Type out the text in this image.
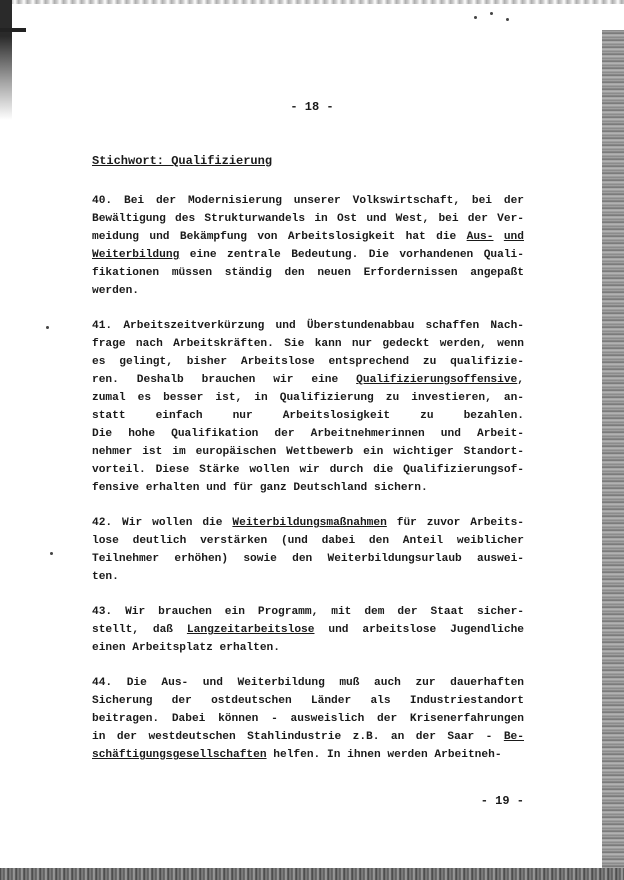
- 18 -
Stichwort: Qualifizierung
40. Bei der Modernisierung unserer Volkswirtschaft, bei der
Bewältigung des Strukturwandels in Ost und West, bei der Ver-
meidung und Bekämpfung von Arbeitslosigkeit hat die Aus- und
Weiterbildung eine zentrale Bedeutung. Die vorhandenen Quali-
fikationen müssen ständig den neuen Erfordernissen angepaßt
werden.
41. Arbeitszeitverkürzung und Überstundenabbau schaffen Nach-
frage nach Arbeitskräften. Sie kann nur gedeckt werden, wenn
es gelingt, bisher Arbeitslose entsprechend zu qualifizie-
ren. Deshalb brauchen wir eine Qualifizierungsoffensive,
zumal es besser ist, in Qualifizierung zu investieren, an-
statt einfach nur Arbeitslosigkeit zu bezahlen.
Die hohe Qualifikation der Arbeitnehmerinnen und Arbeit-
nehmer ist im europäischen Wettbewerb ein wichtiger Standort-
vorteil. Diese Stärke wollen wir durch die Qualifizierungsof-
fensive erhalten und für ganz Deutschland sichern.
42. Wir wollen die Weiterbildungsmaßnahmen für zuvor Arbeits-
lose deutlich verstärken (und dabei den Anteil weiblicher
Teilnehmer erhöhen) sowie den Weiterbildungsurlaub auswei-
ten.
43. Wir brauchen ein Programm, mit dem der Staat sicher-
stellt, daß Langzeitarbeitslose und arbeitslose Jugendliche
einen Arbeitsplatz erhalten.
44. Die Aus- und Weiterbildung muß auch zur dauerhaften
Sicherung der ostdeutschen Länder als Industriestandort
beitragen. Dabei können - ausweislich der Krisenerfahrungen
in der westdeutschen Stahlindustrie z.B. an der Saar - Be-
schäftigungsgesellschaften helfen. In ihnen werden Arbeitneh-
- 19 -
